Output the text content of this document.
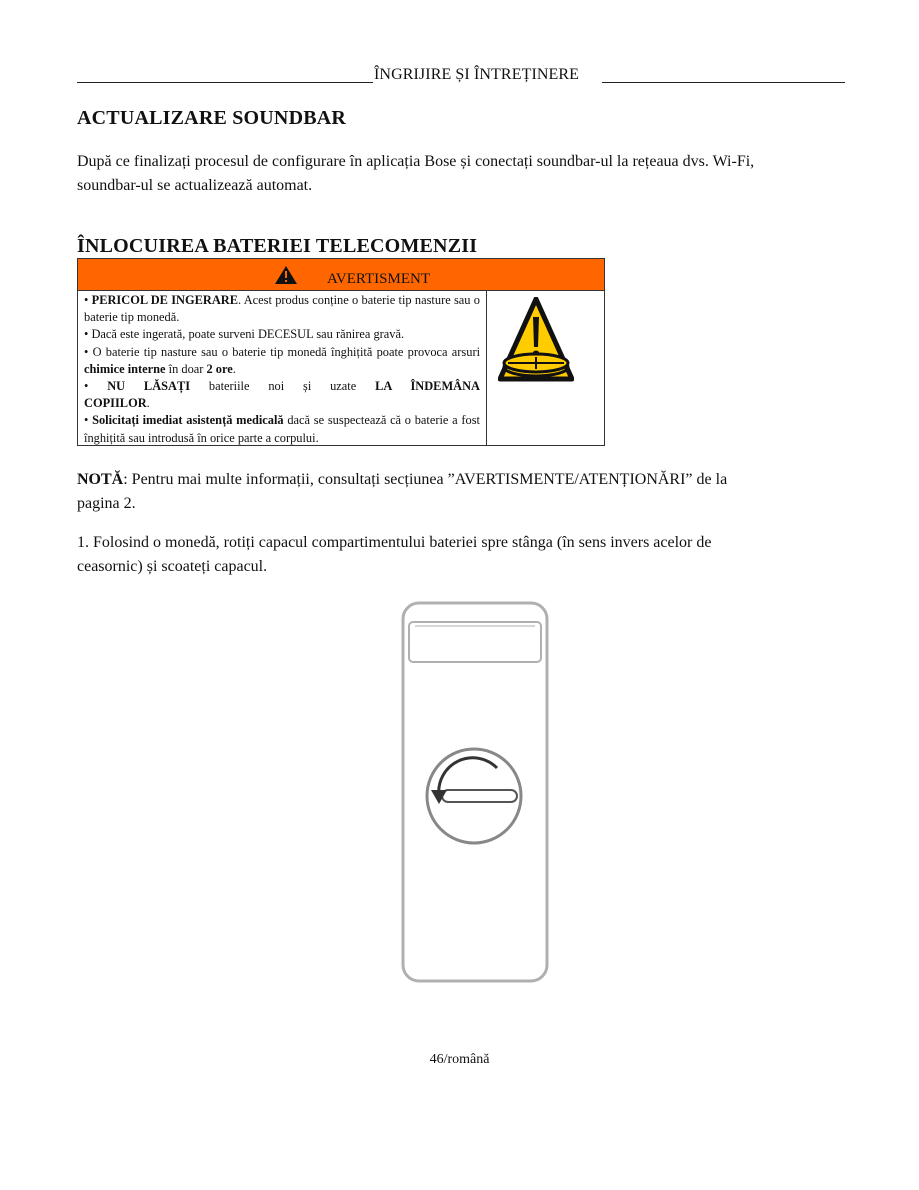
ÎNGRIJIRE ȘI ÎNTREȚINERE
ACTUALIZARE SOUNDBAR
După ce finalizați procesul de configurare în aplicația Bose și conectați soundbar-ul la rețeaua dvs. Wi-Fi,
soundbar-ul se actualizează automat.
ÎNLOCUIREA BATERIEI TELECOMENZII
AVERTISMENT

• PERICOL DE INGERARE. Acest produs conține o baterie tip nasture sau o baterie tip monedă.

• Dacă este ingerată, poate surveni DECESUL sau rănirea gravă.

• O baterie tip nasture sau o baterie tip monedă înghițită poate provoca arsuri chimice interne în doar 2 ore.

• NU LĂSAȚI bateriile noi și uzate LA ÎNDEMÂNA COPIILOR.

• Solicitați imediat asistență medicală dacă se suspectează că o baterie a fost înghițită sau introdusă în orice parte a corpului.

NOTĂ: Pentru mai multe informații, consultați secțiunea ”AVERTISMENTE/ATENȚIONĂRI” de la
pagina 2.
1. Folosind o monedă, rotiți capacul compartimentului bateriei spre stânga (în sens invers acelor de
ceasornic) și scoateți capacul.
46/română
